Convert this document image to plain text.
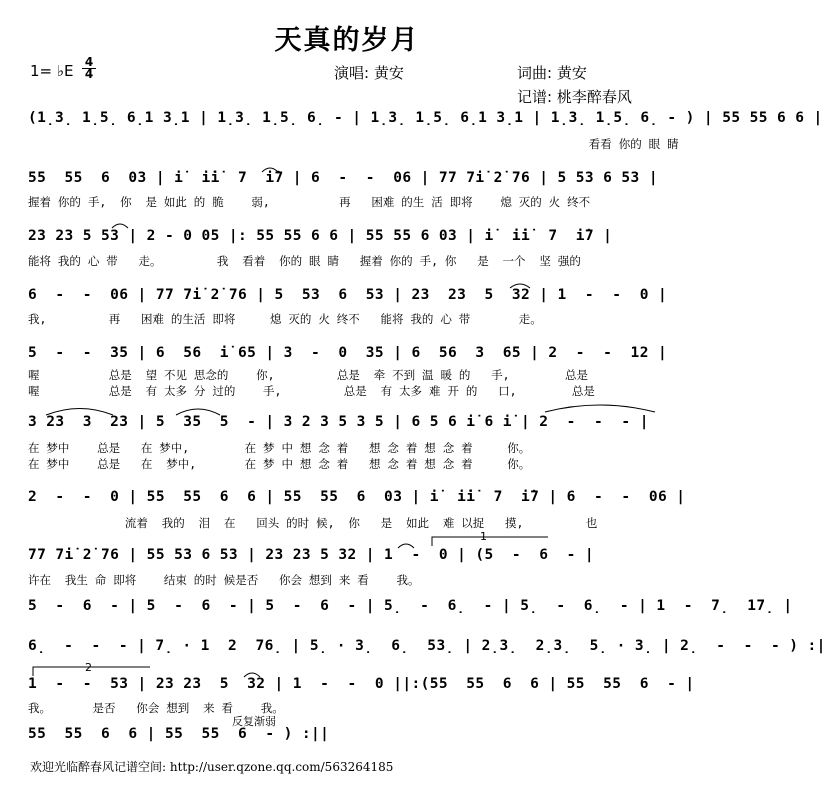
天真的岁月
1= ♭E 4
4	演唱: 黄安	词曲: 黄安
记谱: 桃李醉春风
(1̣3̣ 1̣5̣ 6̣1 3̣1 | 1̣3̣ 1̣5̣ 6̣ - | 1̣3̣ 1̣5̣ 6̣1 3̣1 | 1̣3̣ 1̣5̣ 6̣ - ) | 55 55 6 6 |
看看 你的 眼 睛
55  55  6  03 | i̇  i̇i̇  7  i̇7 | 6  -  -  06 | 77 7i̇ 2̇ 76 | 5 53 6 53 |
握着 你的 手,  你  是 如此 的 脆    弱,          再   困难 的生 活 即将    熄 灭的 火 终不
23 23 5 53 | 2 - 0 05 |: 55 55 6 6 | 55 55 6 03 | i̇  i̇i̇  7  i̇7 |
能将 我的 心 带   走。        我  看着  你的 眼 睛   握着 你的 手, 你   是  一个  坚 强的
6  -  -  06 | 77 7i̇ 2̇ 76 | 5  53  6  53 | 23  23  5  32 | 1  -  -  0 |
我,         再   困难 的生活 即将     熄 灭的 火 终不   能将 我的 心 带       走。
5  -  -  35 | 6  56  i̇ 65 | 3  -  0  35 | 6  56  3  65 | 2  -  -  12 |
喔          总是  望 不见 思念的    你,         总是  牵 不到 温 暖 的   手,        总是
喔          总是  有 太多 分 过的    手,         总是  有 太多 难 开 的   口,        总是
3 23  3  23 | 5  35  5  - | 3 2 3 5 3 5 | 6 5 6 i̇ 6 i̇ | 2  -  -  - |
在 梦中    总是   在 梦中,        在 梦 中 想 念 着   想 念 着 想 念 着     你。
在 梦中    总是   在  梦中,       在 梦 中 想 念 着   想 念 着 想 念 着     你。
2  -  -  0 | 55  55  6  6 | 55  55  6  03 | i̇  i̇i̇  7  i̇7 | 6  -  -  06 |
流着  我的  泪  在   回头 的时 候,  你   是  如此  难 以捉   摸,         也
77 7i̇ 2̇ 76 | 55 53 6 53 | 23 23 5 32 | 1  -  0 | (5  -  6  - |
许在  我生 命 即将    结束 的时 候是否   你会 想到 来 看    我。
5  -  6  - | 5  -  6  - | 5  -  6  - | 5̣  -  6̣  - | 5̣  -  6̣  - | 1  -  7̣  17̣ |
6̣  -  -  - | 7̣ · 1  2  76̣ | 5̣ · 3̣  6̣  53̣ | 2̣3̣  2̣3̣  5̣ · 3̣ | 2̣  -  -  - ) :|
1  -  -  53 | 23 23  5  32 | 1  -  -  0 ||:(55  55  6  6 | 55  55  6  - |
我。      是否   你会 想到  来 看    我。
55  55  6  6 | 55  55  6  - ) :||
1
2
反复渐弱
欢迎光临醉春风记谱空间: http://user.qzone.qq.com/563264185
